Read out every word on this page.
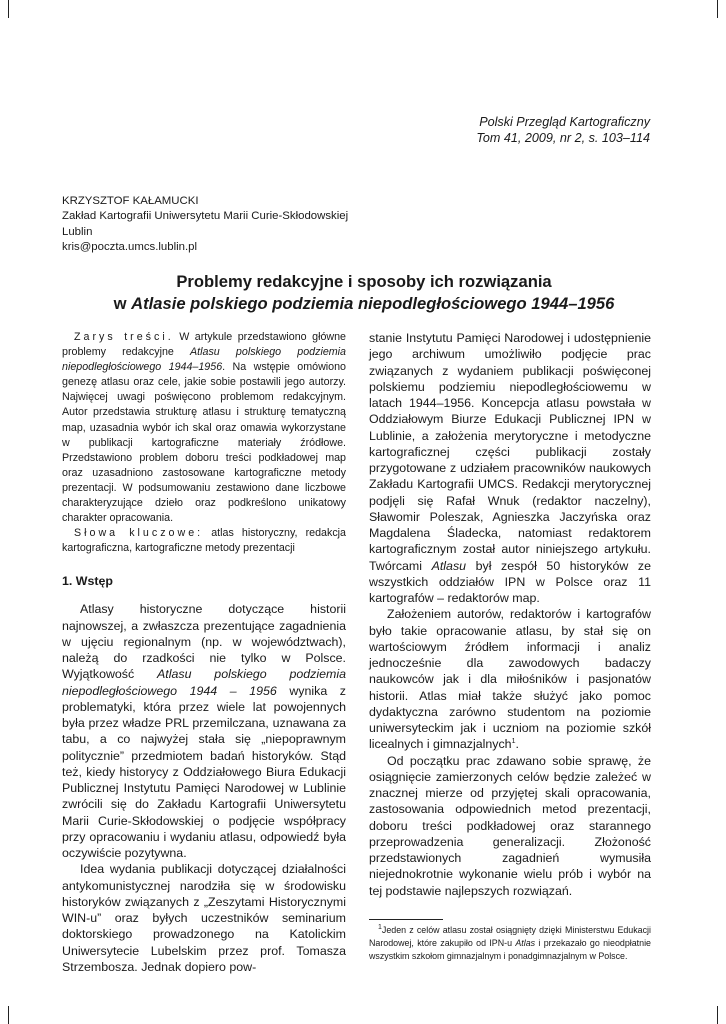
Polski Przegląd Kartograficzny
Tom 41, 2009, nr 2, s. 103–114
KRZYSZTOF KAŁAMUCKI
Zakład Kartografii Uniwersytetu Marii Curie-Skłodowskiej
Lublin
kris@poczta.umcs.lublin.pl
Problemy redakcyjne i sposoby ich rozwiązania
w Atlasie polskiego podziemia niepodległościowego 1944–1956

Zarys treści. W artykule przedstawiono główne problemy redakcyjne Atlasu polskiego podziemia niepodległościowego 1944–1956. Na wstępie omówiono genezę atlasu oraz cele, jakie sobie postawili jego autorzy. Najwięcej uwagi poświęcono problemom redakcyjnym. Autor przedstawia strukturę atlasu i strukturę tematyczną map, uzasadnia wybór ich skal oraz omawia wykorzystane w publikacji kartograficzne materiały źródłowe. Przedstawiono problem doboru treści podkładowej map oraz uzasadniono zastosowane kartograficzne metody prezentacji. W podsumowaniu zestawiono dane liczbowe charakteryzujące dzieło oraz podkreślono unikatowy charakter opracowania.

Słowa kluczowe: atlas historyczny, redakcja kartograficzna, kartograficzne metody prezentacji

1. Wstęp

Atlasy historyczne dotyczące historii najnowszej, a zwłaszcza prezentujące zagadnienia w ujęciu regionalnym (np. w województwach), należą do rzadkości nie tylko w Polsce. Wyjątkowość Atlasu polskiego podziemia niepodległościowego 1944 – 1956 wynika z problematyki, która przez wiele lat powojennych była przez władze PRL przemilczana, uznawana za tabu, a co najwyżej stała się „niepoprawnym politycznie” przedmiotem badań historyków. Stąd też, kiedy historycy z Oddziałowego Biura Edukacji Publicznej Instytutu Pamięci Narodowej w Lublinie zwrócili się do Zakładu Kartografii Uniwersytetu Marii Curie-Skłodowskiej o podjęcie współpracy przy opracowaniu i wydaniu atlasu, odpowiedź była oczywiście pozytywna.

Idea wydania publikacji dotyczącej działalności antykomunistycznej narodziła się w środowisku historyków związanych z „Zeszytami Historycznymi WIN-u” oraz byłych uczestników seminarium doktorskiego prowadzonego na Katolickim Uniwersytecie Lubelskim przez prof. Tomasza Strzembosza. Jednak dopiero pow-

stanie Instytutu Pamięci Narodowej i udostępnienie jego archiwum umożliwiło podjęcie prac związanych z wydaniem publikacji poświęconej polskiemu podziemiu niepodległościowemu w latach 1944–1956. Koncepcja atlasu powstała w Oddziałowym Biurze Edukacji Publicznej IPN w Lublinie, a założenia merytoryczne i metodyczne kartograficznej części publikacji zostały przygotowane z udziałem pracowników naukowych Zakładu Kartografii UMCS. Redakcji merytorycznej podjęli się Rafał Wnuk (redaktor naczelny), Sławomir Poleszak, Agnieszka Jaczyńska oraz Magdalena Śladecka, natomiast redaktorem kartograficznym został autor niniejszego artykułu. Twórcami Atlasu był zespół 50 historyków ze wszystkich oddziałów IPN w Polsce oraz 11 kartografów – redaktorów map.

Założeniem autorów, redaktorów i kartografów było takie opracowanie atlasu, by stał się on wartościowym źródłem informacji i analiz jednocześnie dla zawodowych badaczy naukowców jak i dla miłośników i pasjonatów historii. Atlas miał także służyć jako pomoc dydaktyczna zarówno studentom na poziomie uniwersyteckim jak i uczniom na poziomie szkół licealnych i gimnazjalnych$^1$.

Od początku prac zdawano sobie sprawę, że osiągnięcie zamierzonych celów będzie zależeć w znacznej mierze od przyjętej skali opracowania, zastosowania odpowiednich metod prezentacji, doboru treści podkładowej oraz starannego przeprowadzenia generalizacji. Złożoność przedstawionych zagadnień wymusiła niejednokrotnie wykonanie wielu prób i wybór na tej podstawie najlepszych rozwiązań.

$^1$Jeden z celów atlasu został osiągnięty dzięki Ministerstwu Edukacji Narodowej, które zakupiło od IPN-u Atlas i przekazało go nieodpłatnie wszystkim szkołom gimnazjalnym i ponadgimnazjalnym w Polsce.
